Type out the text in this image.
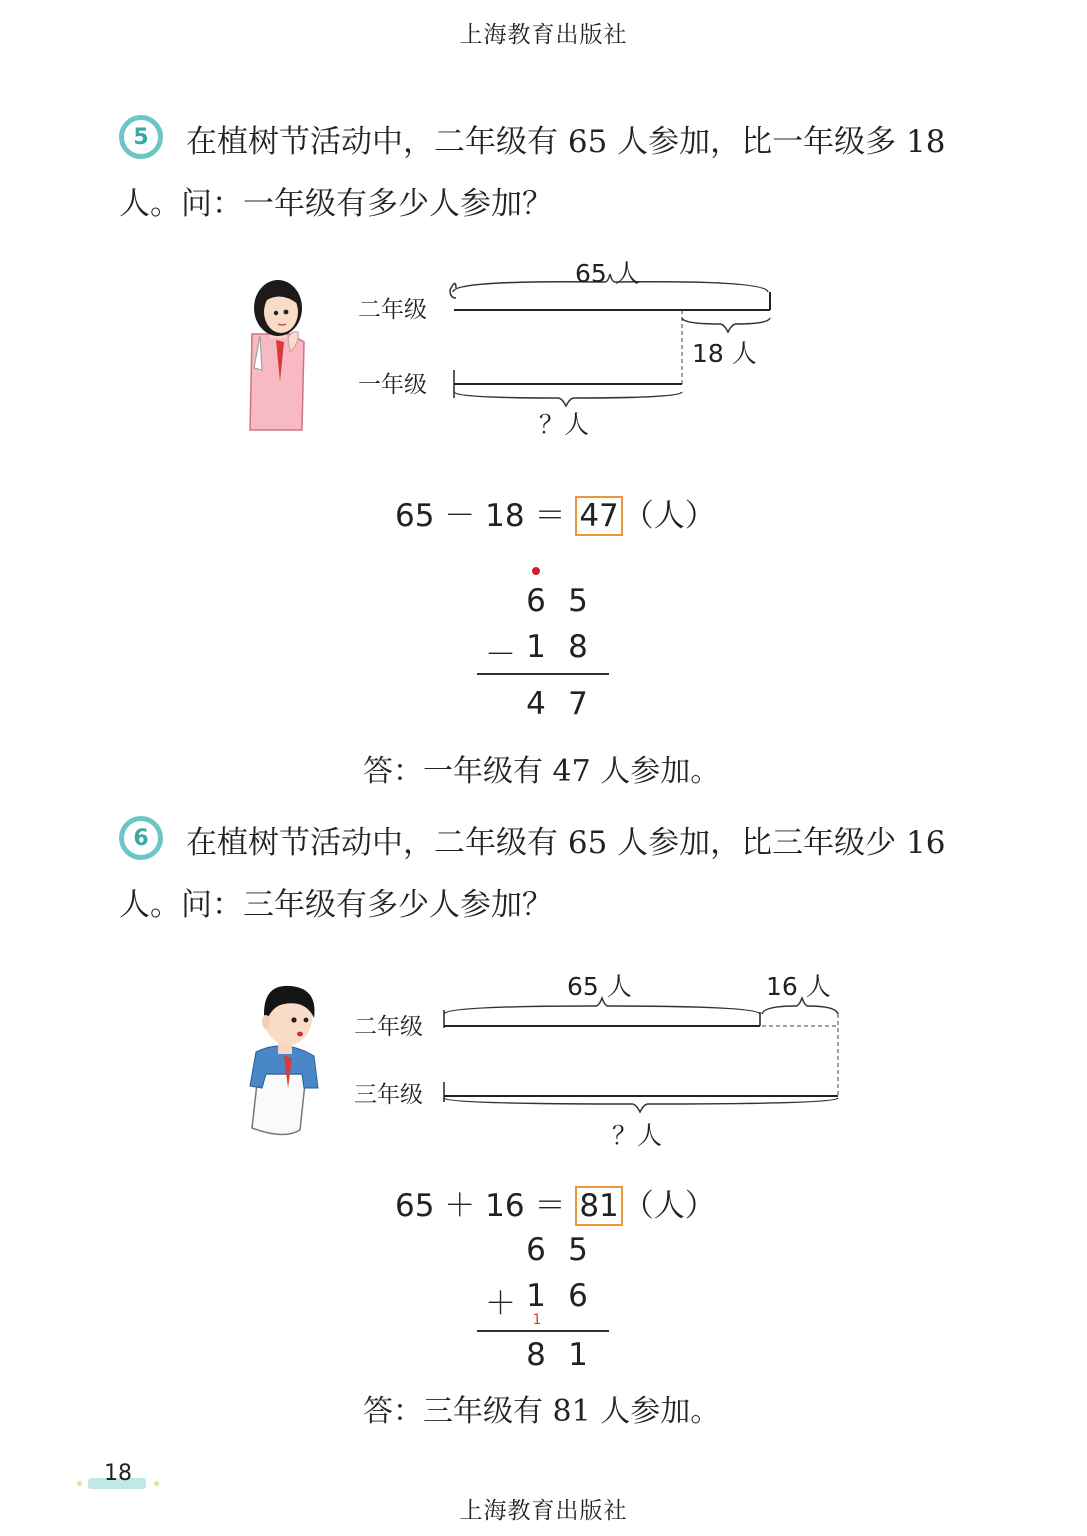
上海教育出版社
5 在植树节活动中，二年级有 65 人参加，比一年级多 18
人。问：一年级有多少人参加？
二年级
一年级
65 人
18 人
？人
65 － 18 ＝ 47 （人）
6 5
－ 1 8
4 7
答：一年级有 47 人参加。
6 在植树节活动中，二年级有 65 人参加，比三年级少 16
人。问：三年级有多少人参加？
二年级
三年级
65 人	16 人
？人
65 ＋ 16 ＝ 81 （人）
6 5
＋ 1 6
1
8 1
答：三年级有 81 人参加。
18
上海教育出版社
